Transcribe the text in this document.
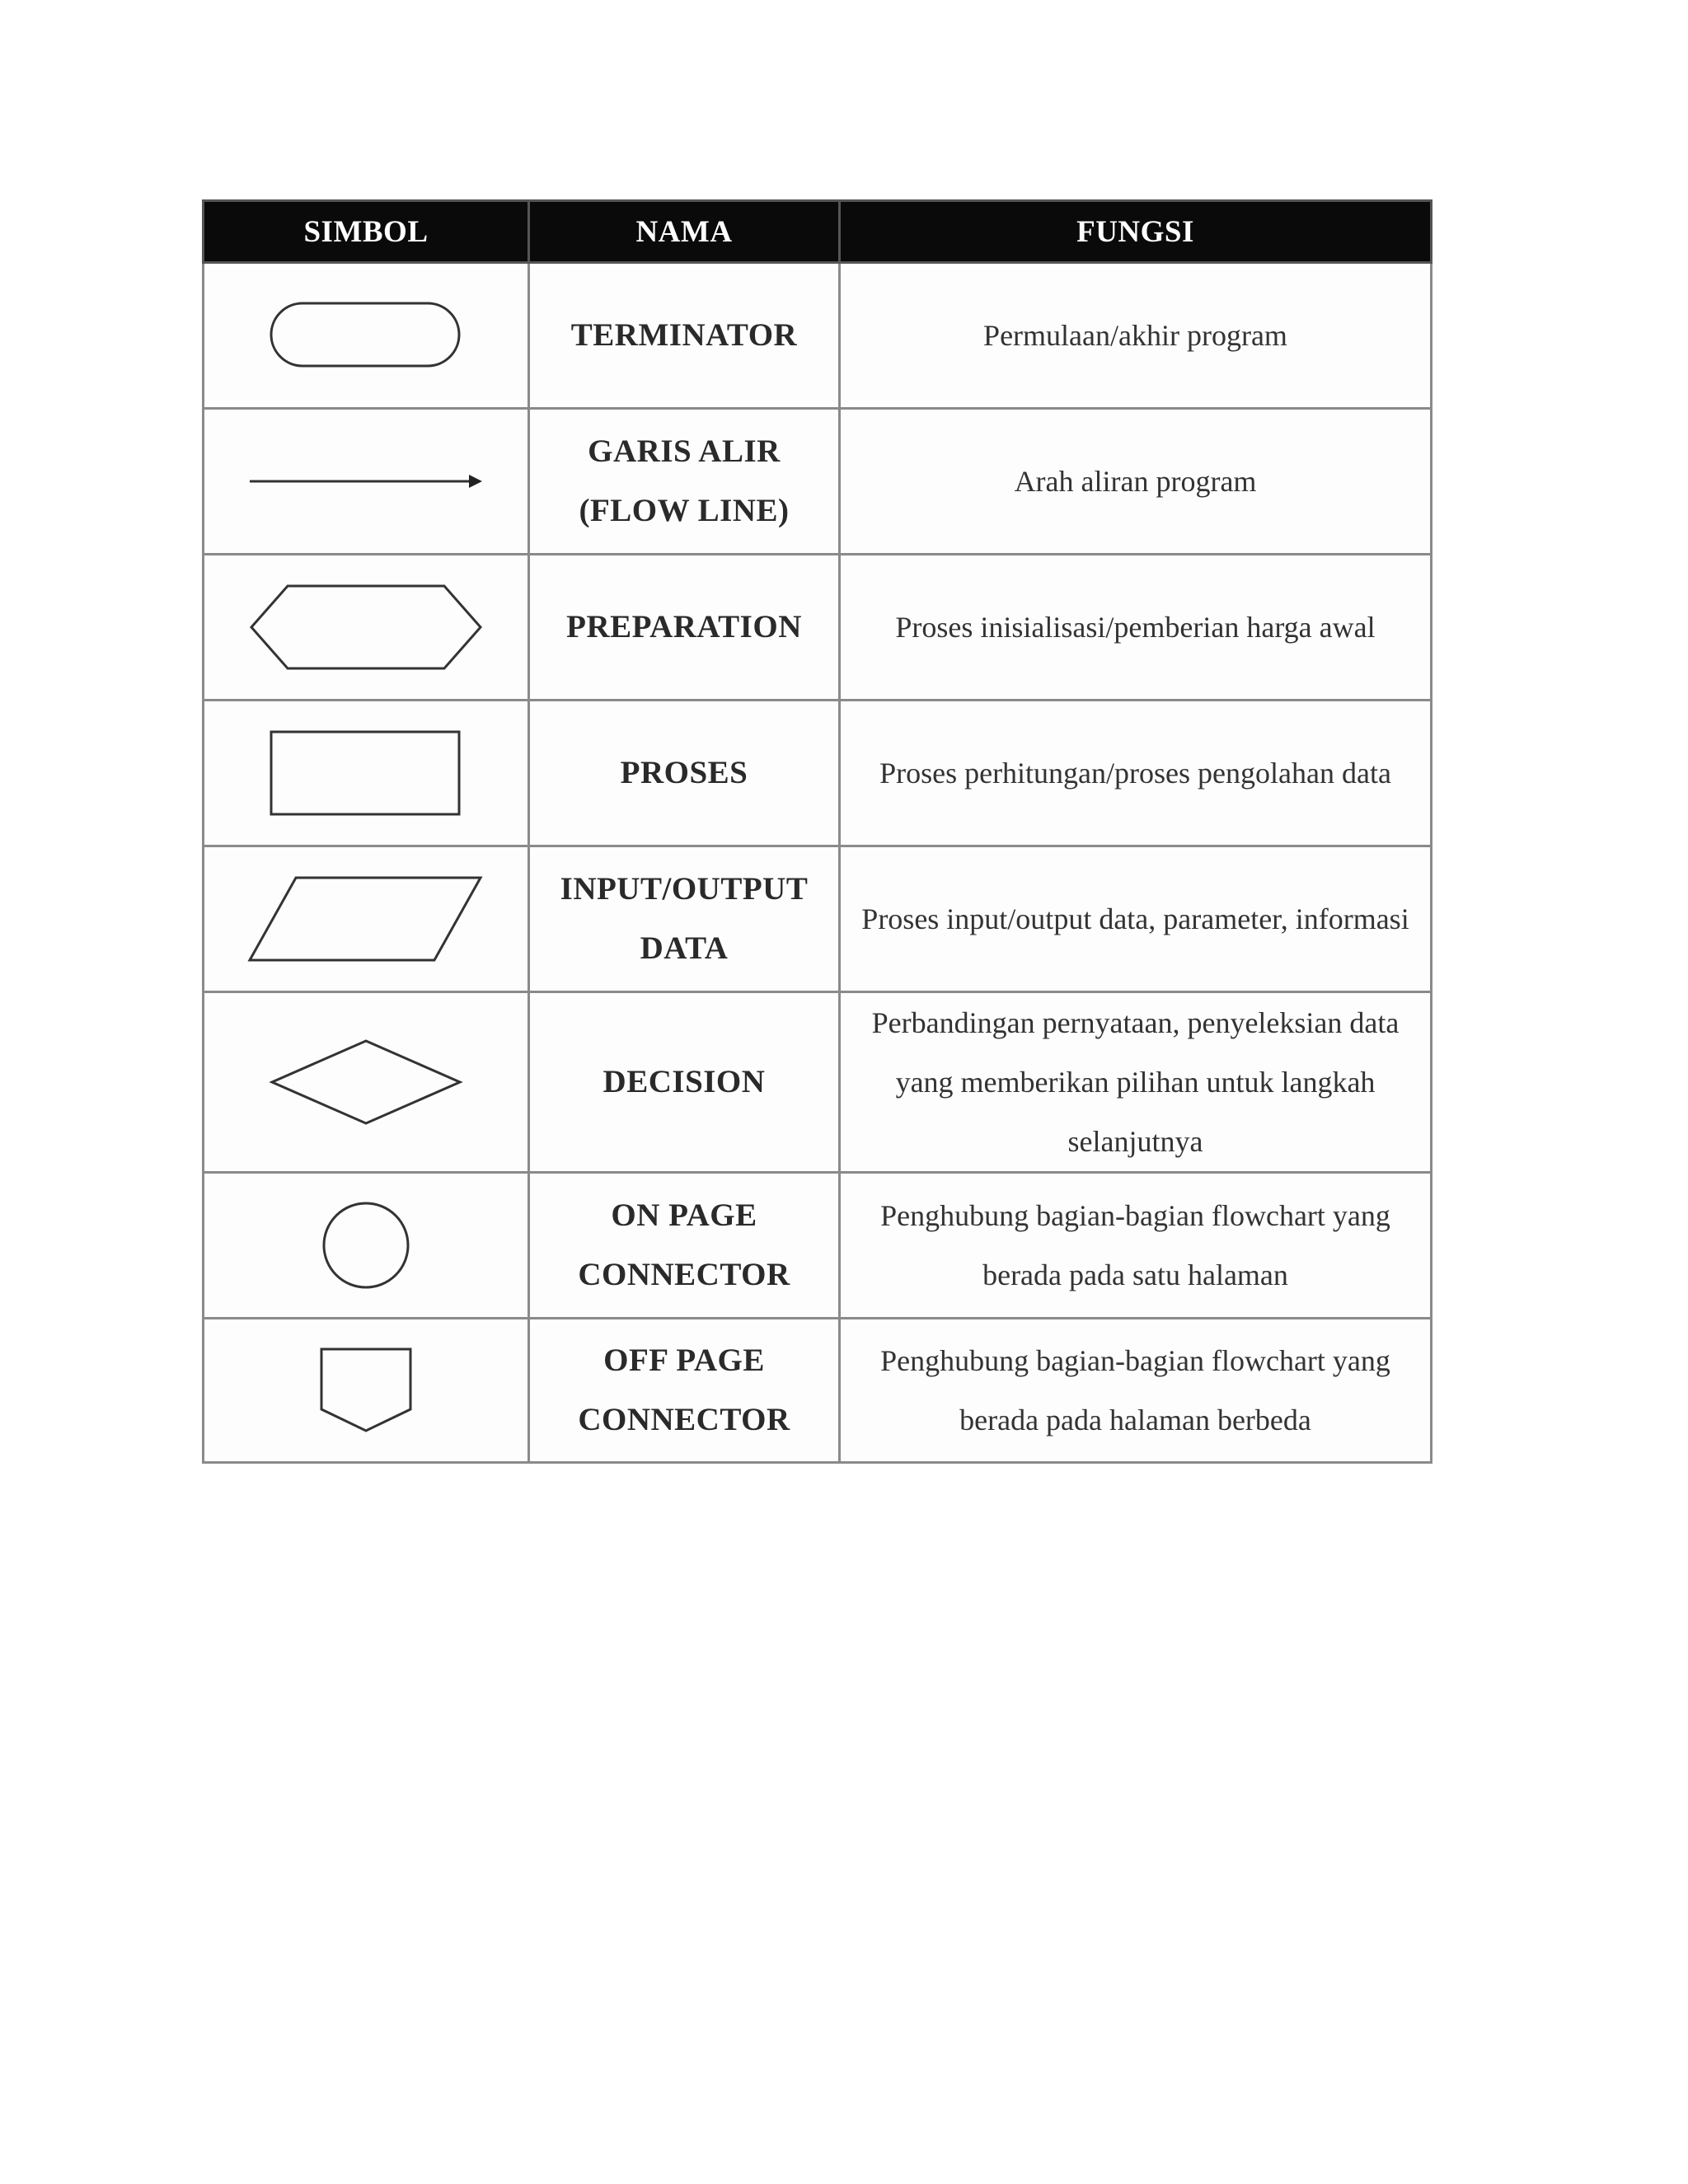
SIMBOL	NAMA	FUNGSI

	TERMINATOR	Permulaan/akhir program

	GARIS ALIR (FLOW LINE)	Arah aliran program

	PREPARATION	Proses inisialisasi/pemberian harga awal

	PROSES	Proses perhitungan/proses pengolahan data

	INPUT/OUTPUT DATA	Proses input/output data, parameter, informasi

	DECISION	Perbandingan pernyataan, penyeleksian data yang memberikan pilihan untuk langkah selanjutnya

	ON PAGE CONNECTOR	Penghubung bagian-bagian flowchart yang berada pada satu halaman

	OFF PAGE CONNECTOR	Penghubung bagian-bagian flowchart yang berada pada halaman berbeda
